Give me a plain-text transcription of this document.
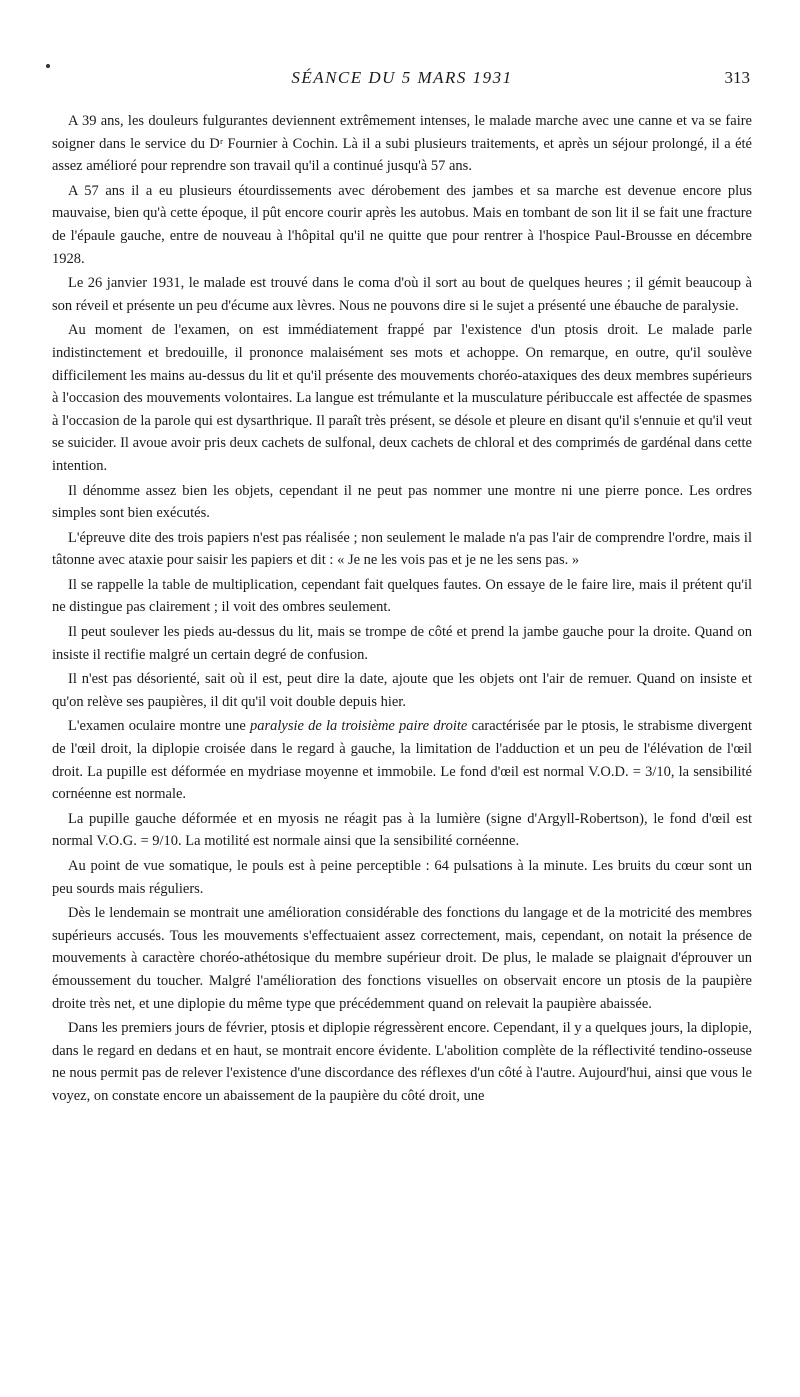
SÉANCE DU 5 MARS 1931	313

A 39 ans, les douleurs fulgurantes deviennent extrêmement intenses, le malade marche avec une canne et va se faire soigner dans le service du Dʳ Fournier à Cochin. Là il a subi plusieurs traitements, et après un séjour prolongé, il a été assez amélioré pour reprendre son travail qu'il a continué jusqu'à 57 ans.

A 57 ans il a eu plusieurs étourdissements avec dérobement des jambes et sa marche est devenue encore plus mauvaise, bien qu'à cette époque, il pût encore courir après les autobus. Mais en tombant de son lit il se fait une fracture de l'épaule gauche, entre de nouveau à l'hôpital qu'il ne quitte que pour rentrer à l'hospice Paul-Brousse en décembre 1928.

Le 26 janvier 1931, le malade est trouvé dans le coma d'où il sort au bout de quelques heures ; il gémit beaucoup à son réveil et présente un peu d'écume aux lèvres. Nous ne pouvons dire si le sujet a présenté une ébauche de paralysie.

Au moment de l'examen, on est immédiatement frappé par l'existence d'un ptosis droit. Le malade parle indistinctement et bredouille, il prononce malaisément ses mots et achoppe. On remarque, en outre, qu'il soulève difficilement les mains au-dessus du lit et qu'il présente des mouvements choréo-ataxiques des deux membres supérieurs à l'occasion des mouvements volontaires. La langue est trémulante et la musculature péribuccale est affectée de spasmes à l'occasion de la parole qui est dysarthrique. Il paraît très présent, se désole et pleure en disant qu'il s'ennuie et qu'il veut se suicider. Il avoue avoir pris deux cachets de sulfonal, deux cachets de chloral et des comprimés de gardénal dans cette intention.

Il dénomme assez bien les objets, cependant il ne peut pas nommer une montre ni une pierre ponce. Les ordres simples sont bien exécutés.

L'épreuve dite des trois papiers n'est pas réalisée ; non seulement le malade n'a pas l'air de comprendre l'ordre, mais il tâtonne avec ataxie pour saisir les papiers et dit : « Je ne les vois pas et je ne les sens pas. »

Il se rappelle la table de multiplication, cependant fait quelques fautes. On essaye de le faire lire, mais il prétent qu'il ne distingue pas clairement ; il voit des ombres seulement.

Il peut soulever les pieds au-dessus du lit, mais se trompe de côté et prend la jambe gauche pour la droite. Quand on insiste il rectifie malgré un certain degré de confusion.

Il n'est pas désorienté, sait où il est, peut dire la date, ajoute que les objets ont l'air de remuer. Quand on insiste et qu'on relève ses paupières, il dit qu'il voit double depuis hier.

L'examen oculaire montre une paralysie de la troisième paire droite caractérisée par le ptosis, le strabisme divergent de l'œil droit, la diplopie croisée dans le regard à gauche, la limitation de l'adduction et un peu de l'élévation de l'œil droit. La pupille est déformée en mydriase moyenne et immobile. Le fond d'œil est normal V.O.D. = 3/10, la sensibilité cornéenne est normale.

La pupille gauche déformée et en myosis ne réagit pas à la lumière (signe d'Argyll-Robertson), le fond d'œil est normal V.O.G. = 9/10. La motilité est normale ainsi que la sensibilité cornéenne.

Au point de vue somatique, le pouls est à peine perceptible : 64 pulsations à la minute. Les bruits du cœur sont un peu sourds mais réguliers.

Dès le lendemain se montrait une amélioration considérable des fonctions du langage et de la motricité des membres supérieurs accusés. Tous les mouvements s'effectuaient assez correctement, mais, cependant, on notait la présence de mouvements à caractère choréo-athétosique du membre supérieur droit. De plus, le malade se plaignait d'éprouver un émoussement du toucher. Malgré l'amélioration des fonctions visuelles on observait encore un ptosis de la paupière droite très net, et une diplopie du même type que précédemment quand on relevait la paupière abaissée.

Dans les premiers jours de février, ptosis et diplopie régressèrent encore. Cependant, il y a quelques jours, la diplopie, dans le regard en dedans et en haut, se montrait encore évidente. L'abolition complète de la réflectivité tendino-osseuse ne nous permit pas de relever l'existence d'une discordance des réflexes d'un côté à l'autre. Aujourd'hui, ainsi que vous le voyez, on constate encore un abaissement de la paupière du côté droit, une
